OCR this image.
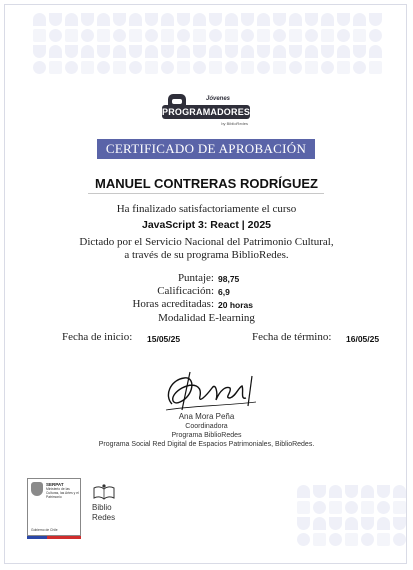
Jóvenes
PROGRAMADORES
by BiblioRedes
CERTIFICADO DE APROBACIÓN
MANUEL CONTRERAS RODRÍGUEZ
Ha finalizado satisfactoriamente el curso
JavaScript 3: React | 2025
Dictado por el Servicio Nacional del Patrimonio Cultural,
a través de su programa BiblioRedes.
Puntaje: 98,75
Calificación: 6,9
Horas acreditadas: 20 horas
Modalidad E-learning
Fecha de inicio: 15/05/25	Fecha de término: 16/05/25
Ana Mora Peña
Coordinadora
Programa BiblioRedes
Programa Social Red Digital de Espacios Patrimoniales, BiblioRedes.
SERPAT
Ministerio de las Culturas, las Artes y el Patrimonio
Gobierno de Chile
Biblio
Redes
